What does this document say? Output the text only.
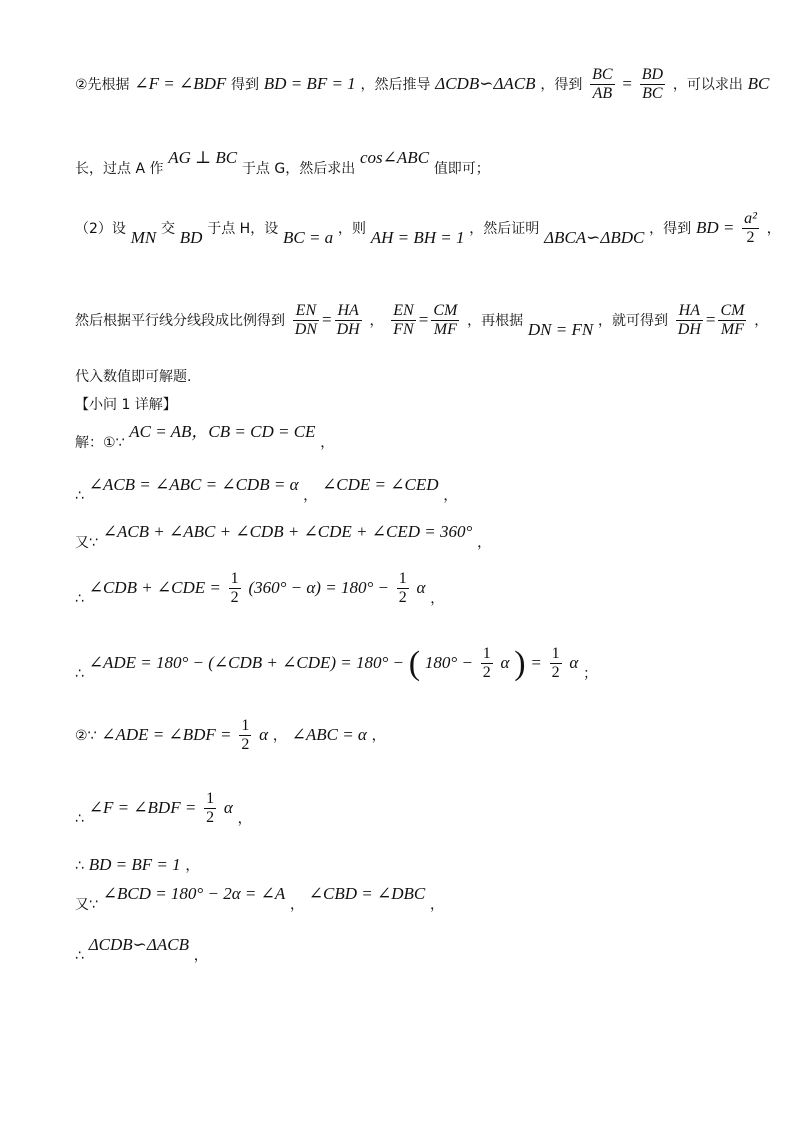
②先根据 ∠F = ∠BDF 得到 BD = BF = 1 ，然后推导 ΔCDB∽ΔACB ，得到 $\frac{BC}{AB} = \frac{BD}{BC}$ ，可以求出 BC
长，过点 A 作 AG ⊥ BC 于点 G，然后求出 cos∠ABC 值即可；
（2）设 MN 交 BD 于点 H，设 BC = a ，则 AH = BH = 1 ，然后证明 ΔBCA∽ΔBDC ，得到 BD = $\frac{\text{a²}}{2}$ ，
然后根据平行线分线段成比例得到 $\frac{EN}{DN} = \frac{HA}{DH}$ ， $\frac{EN}{FN} = \frac{CM}{MF}$ ，再根据 DN = FN ，就可得到 $\frac{HA}{DH} = \frac{CM}{MF}$ ，
代入数值即可解题.
【小问 1 详解】
解：①∵ AC = AB，CB = CD = CE ，
∴ ∠ACB = ∠ABC = ∠CDB = α ， ∠CDE = ∠CED ，
又∵ ∠ACB + ∠ABC + ∠CDB + ∠CDE + ∠CED = 360° ，
∴ ∠CDB + ∠CDE = $\frac{1}{2} (360^\circ - \alpha) = 180^\circ - \frac{1}{2}$ α ，
∴ ∠ADE = 180° − (∠CDB + ∠CDE) = 180° − ( $180^\circ - \frac{1}{2}$ α ) = $\frac{1}{2}$ α ；
②∵ ∠ADE = ∠BDF = $\frac{1}{2}$ α ， ∠ABC = α ，
∴ ∠F = ∠BDF = $\frac{1}{2}$ α ，
∴ BD = BF = 1 ，
又∵ ∠BCD = 180° − 2α = ∠A ， ∠CBD = ∠DBC ，
∴ ΔCDB∽ΔACB ，
